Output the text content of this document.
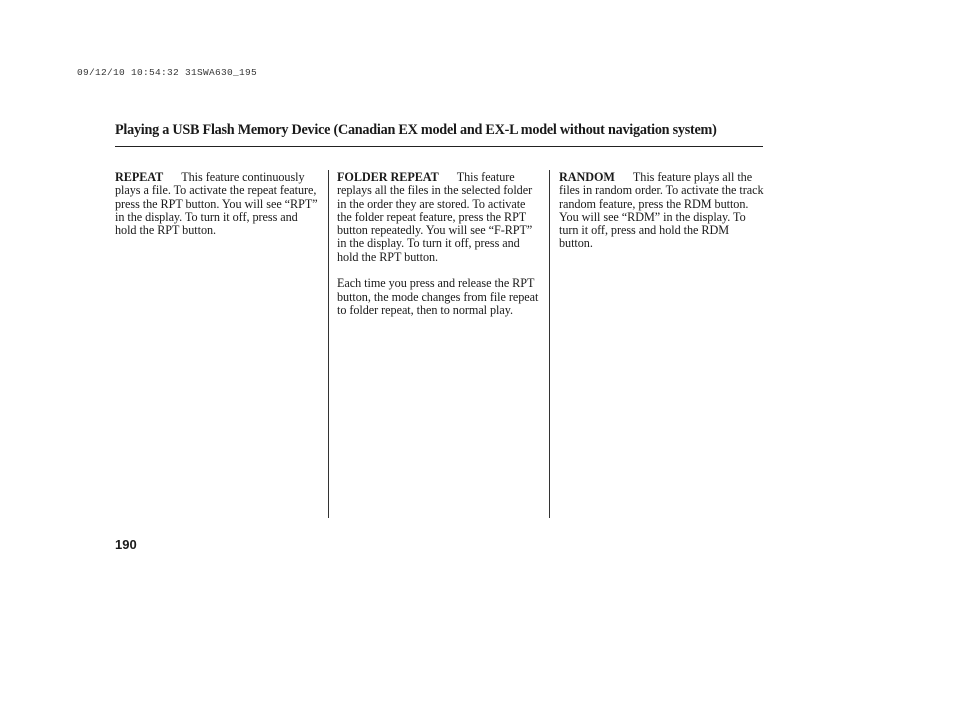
09/12/10 10:54:32 31SWA630_195
Playing a USB Flash Memory Device (Canadian EX model and EX-L model without navigation system)

REPEAT This feature continuously plays a file. To activate the repeat feature, press the RPT button. You will see “RPT” in the display. To turn it off, press and hold the RPT button.

FOLDER REPEAT This feature replays all the files in the selected folder in the order they are stored. To activate the folder repeat feature, press the RPT button repeatedly. You will see “F-RPT” in the display. To turn it off, press and hold the RPT button.

Each time you press and release the RPT button, the mode changes from file repeat to folder repeat, then to normal play.

RANDOM This feature plays all the files in random order. To activate the track random feature, press the RDM button. You will see “RDM” in the display. To turn it off, press and hold the RDM button.

190
